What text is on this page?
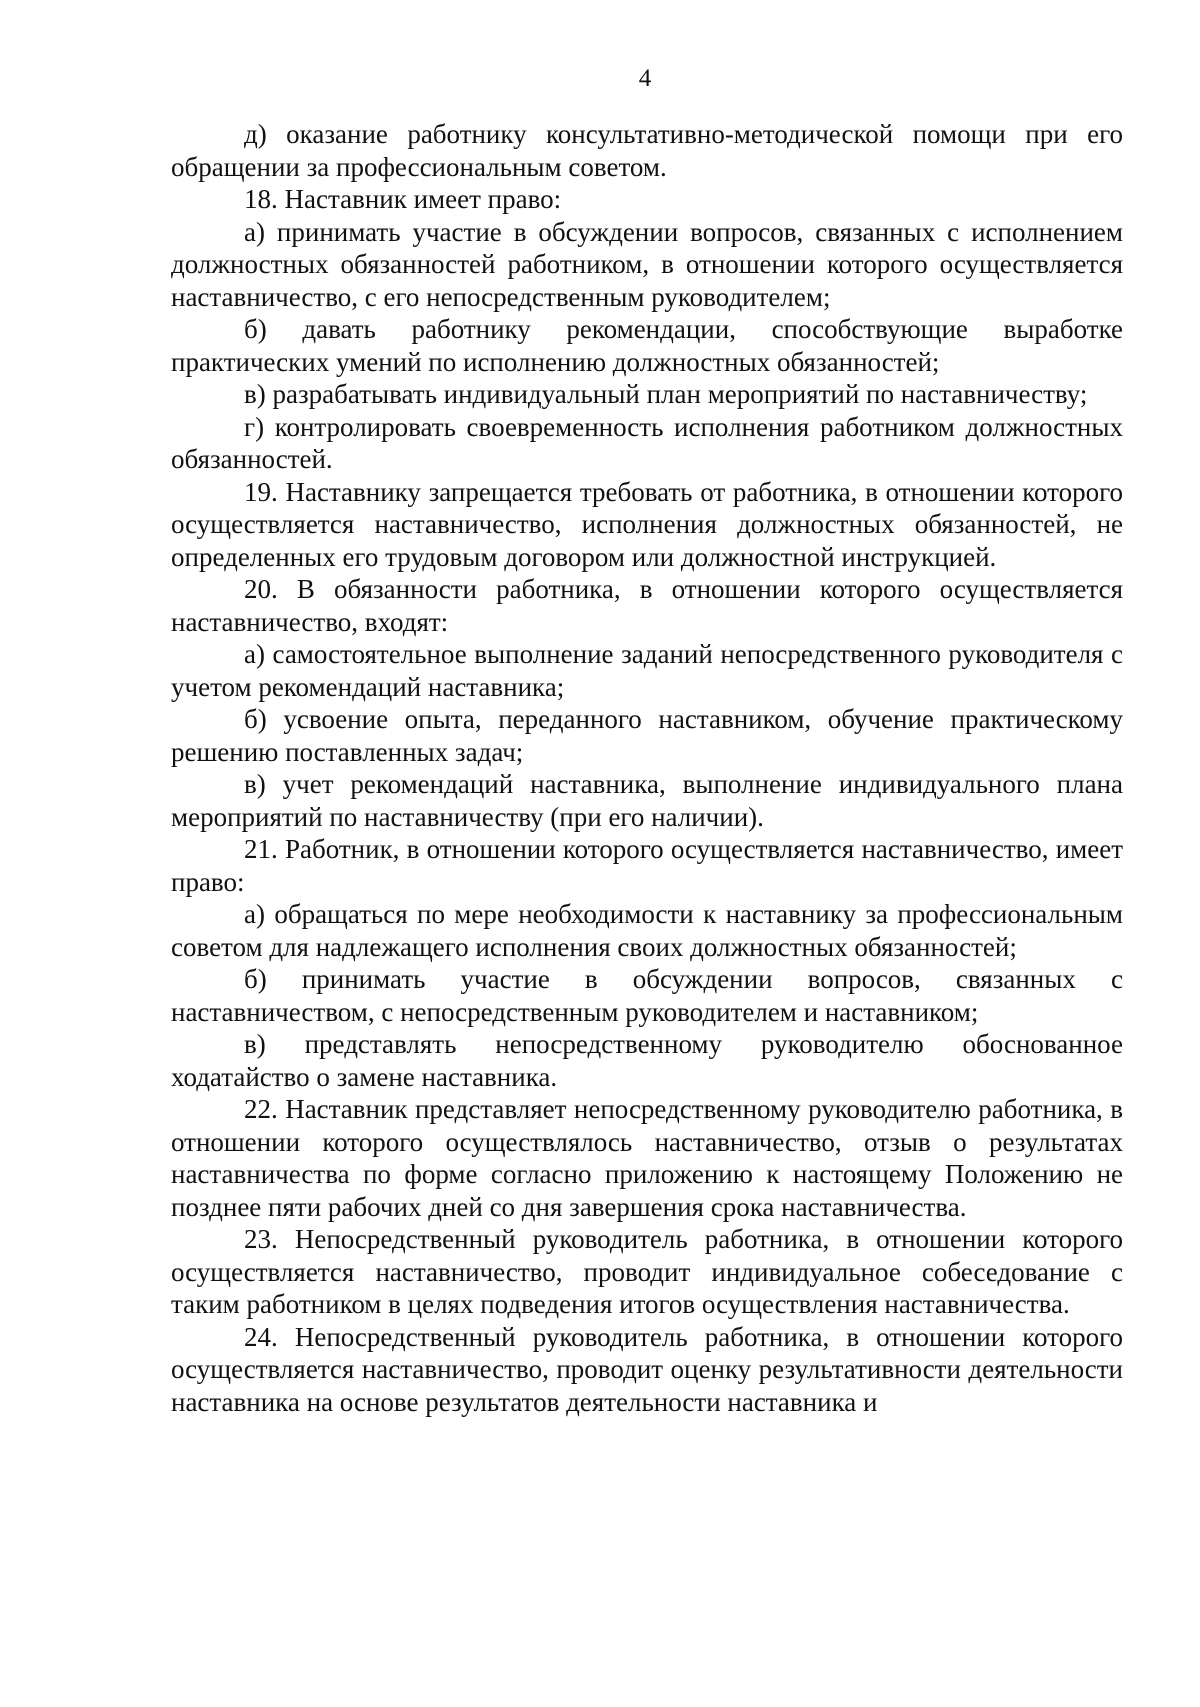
4

д) оказание работнику консультативно-методической помощи при его обращении за профессиональным советом.

18. Наставник имеет право:

а) принимать участие в обсуждении вопросов, связанных с исполнением должностных обязанностей работником, в отношении которого осуществляется наставничество, с его непосредственным руководителем;

б) давать работнику рекомендации, способствующие выработке практических умений по исполнению должностных обязанностей;

в) разрабатывать индивидуальный план мероприятий по наставничеству;

г) контролировать своевременность исполнения работником должностных обязанностей.

19. Наставнику запрещается требовать от работника, в отношении которого осуществляется наставничество, исполнения должностных обязанностей, не определенных его трудовым договором или должностной инструкцией.

20. В обязанности работника, в отношении которого осуществляется наставничество, входят:

а) самостоятельное выполнение заданий непосредственного руководителя с учетом рекомендаций наставника;

б) усвоение опыта, переданного наставником, обучение практическому решению поставленных задач;

в) учет рекомендаций наставника, выполнение индивидуального плана мероприятий по наставничеству (при его наличии).

21. Работник, в отношении которого осуществляется наставничество, имеет право:

а) обращаться по мере необходимости к наставнику за профессиональным советом для надлежащего исполнения своих должностных обязанностей;

б) принимать участие в обсуждении вопросов, связанных с наставничеством, с непосредственным руководителем и наставником;

в) представлять непосредственному руководителю обоснованное ходатайство о замене наставника.

22. Наставник представляет непосредственному руководителю работника, в отношении которого осуществлялось наставничество, отзыв о результатах наставничества по форме согласно приложению к настоящему Положению не позднее пяти рабочих дней со дня завершения срока наставничества.

23. Непосредственный руководитель работника, в отношении которого осуществляется наставничество, проводит индивидуальное собеседование с таким работником в целях подведения итогов осуществления наставничества.

24. Непосредственный руководитель работника, в отношении которого осуществляется наставничество, проводит оценку результативности деятельности наставника на основе результатов деятельности наставника и
